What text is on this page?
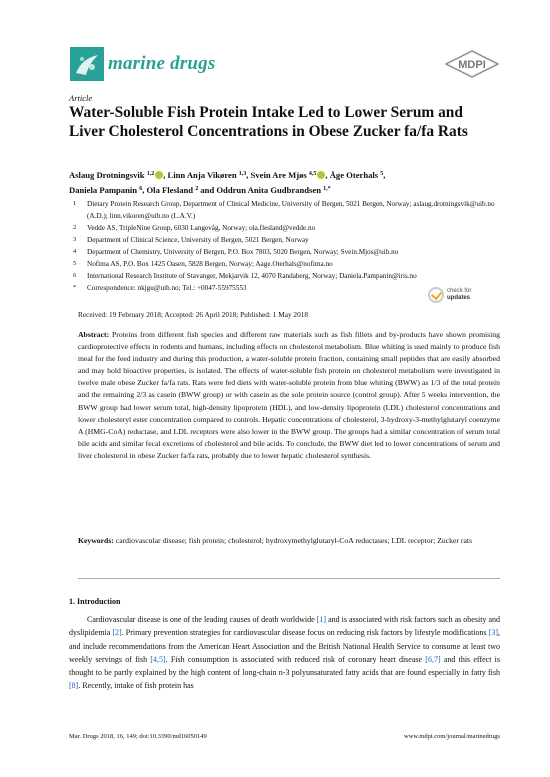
marine drugs	MDPI
Article
Water-Soluble Fish Protein Intake Led to Lower Serum and Liver Cholesterol Concentrations in Obese Zucker fa/fa Rats
Aslaug Drotningsvik $^{1,2}$ , Linn Anja Vikøren $^{1,3}$, Svein Are Mjøs $^{4,5}$ , Åge Oterhals $^5$,
Daniela Pampanin $^6$, Ola Flesland $^2$ and Oddrun Anita Gudbrandsen $^{1,*}$
1	Dietary Protein Research Group, Department of Clinical Medicine, University of Bergen, 5021 Bergen, Norway; aslaug.drotningsvik@uib.no (A.D.); linn.vikoren@uib.no (L.A.V.)
2	Vedde AS, TripleNine Group, 6030 Langevåg, Norway; ola.flesland@vedde.no
3	Department of Clinical Science, University of Bergen, 5021 Bergen, Norway
4	Department of Chemistry, University of Bergen, P.O. Box 7803, 5020 Bergen, Norway; Svein.Mjos@uib.no
5	Nofima AS, P.O. Box 1425 Oasen, 5828 Bergen, Norway; Aage.Oterhals@nofima.no
6	International Research Institute of Stavanger, Mekjarvik 12, 4070 Randaberg, Norway; Daniela.Pampanin@iris.no
*	Correspondence: nkjgu@uib.no; Tel.: +0047-55975553	check for
updates
Received: 19 February 2018; Accepted: 26 April 2018; Published: 1 May 2018
Abstract: Proteins from different fish species and different raw materials such as fish fillets and by-products have shown promising cardioprotective effects in rodents and humans, including effects on cholesterol metabolism. Blue whiting is used mainly to produce fish meal for the feed industry and during this production, a water-soluble protein fraction, containing small peptides that are easily absorbed and may hold bioactive properties, is isolated. The effects of water-soluble fish protein on cholesterol metabolism were investigated in twelve male obese Zucker fa/fa rats. Rats were fed diets with water-soluble protein from blue whiting (BWW) as 1/3 of the total protein and the remaining 2/3 as casein (BWW group) or with casein as the sole protein source (control group). After 5 weeks intervention, the BWW group had lower serum total, high-density lipoprotein (HDL), and low-density lipoprotein (LDL) cholesterol concentrations and lower cholesteryl ester concentration compared to controls. Hepatic concentrations of cholesterol, 3-hydroxy-3-methylglutaryl coenzyme A (HMG-CoA) reductase, and LDL receptors were also lower in the BWW group. The groups had a similar concentration of serum total bile acids and similar fecal excretions of cholesterol and bile acids. To conclude, the BWW diet led to lower concentrations of serum and liver cholesterol in obese Zucker fa/fa rats, probably due to lower hepatic cholesterol synthesis.
Keywords: cardiovascular disease; fish protein; cholesterol; hydroxymethylglutaryl-CoA reductases; LDL receptor; Zucker rats
1. Introduction
Cardiovascular disease is one of the leading causes of death worldwide [1] and is associated with risk factors such as obesity and dyslipidemia [2]. Primary prevention strategies for cardiovascular disease focus on reducing risk factors by lifestyle modifications [3], and include recommendations from the American Heart Association and the British National Health Service to consume at least two weekly servings of fish [4,5]. Fish consumption is associated with reduced risk of coronary heart disease [6,7] and this effect is thought to be partly explained by the high content of long-chain n-3 polyunsaturated fatty acids that are found especially in fatty fish [8]. Recently, intake of fish protein has
Mar. Drugs 2018, 16, 149; doi:10.3390/md16050149	www.mdpi.com/journal/marinedrugs
